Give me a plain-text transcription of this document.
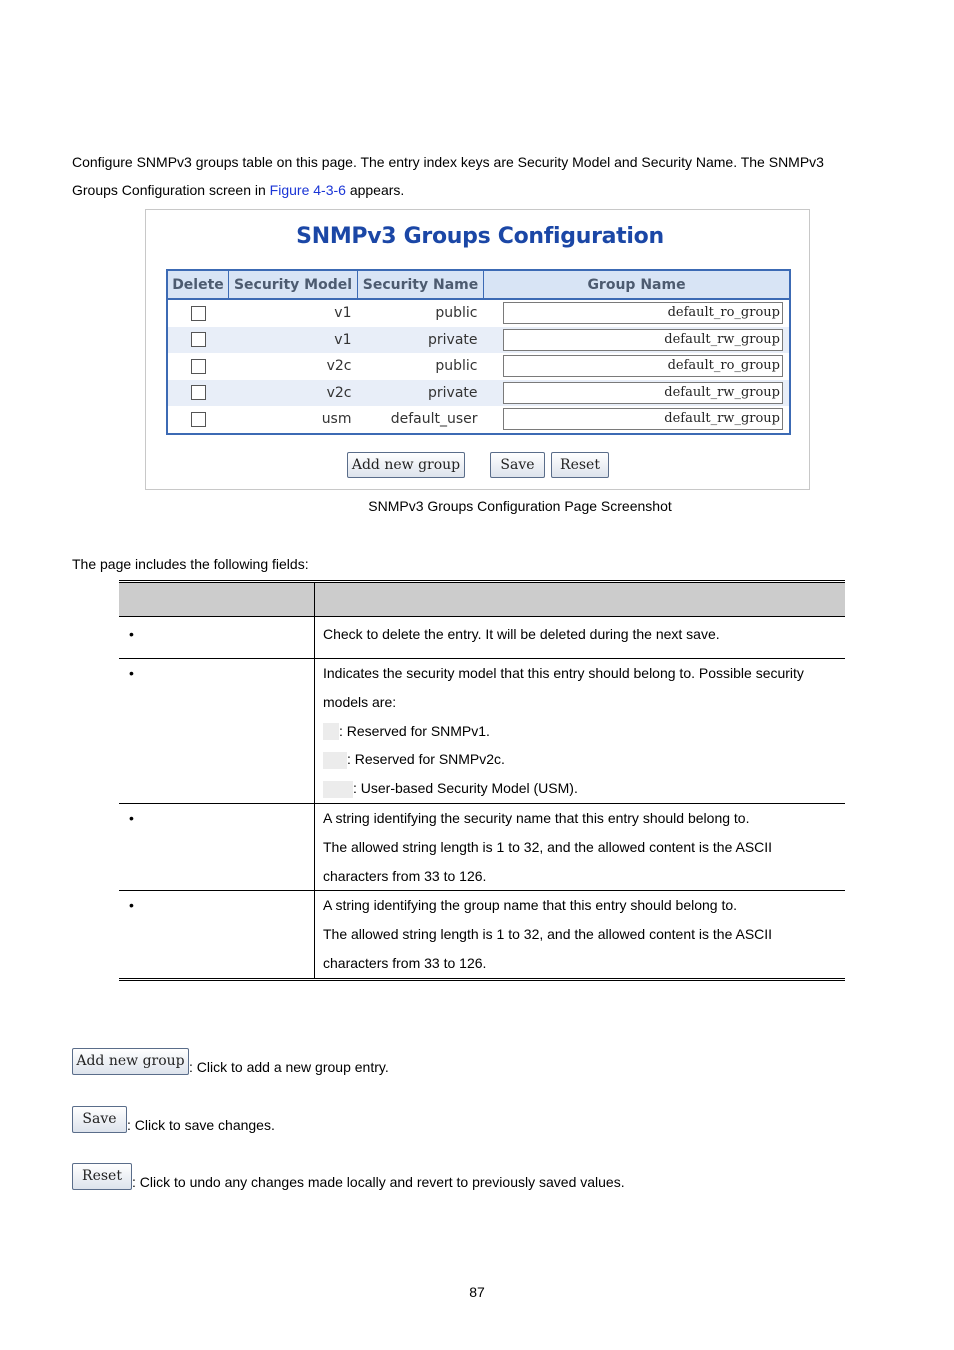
Configure SNMPv3 groups table on this page. The entry index keys are Security Model and Security Name. The SNMPv3 Groups Configuration screen in Figure 4-3-6 appears.
SNMPv3 Groups Configuration
Delete	Security Model	Security Name	Group Name
	v1	public	default_ro_group

	v1	private	default_rw_group

	v2c	public	default_ro_group

	v2c	private	default_rw_group

	usm	default_user	default_rw_group
Add new group	Save	Reset
SNMPv3 Groups Configuration Page Screenshot
The page includes the following fields:

•	Check to delete the entry. It will be deleted during the next save.
•	Indicates the security model that this entry should belong to. Possible security
models are:
: Reserved for SNMPv1.
: Reserved for SNMPv2c.
: User-based Security Model (USM).

•	A string identifying the security name that this entry should belong to.
The allowed string length is 1 to 32, and the allowed content is the ASCII
characters from 33 to 126.

•	A string identifying the group name that this entry should belong to.
The allowed string length is 1 to 32, and the allowed content is the ASCII
characters from 33 to 126.
Add new group : Click to add a new group entry.
Save : Click to save changes.
Reset : Click to undo any changes made locally and revert to previously saved values.
87
